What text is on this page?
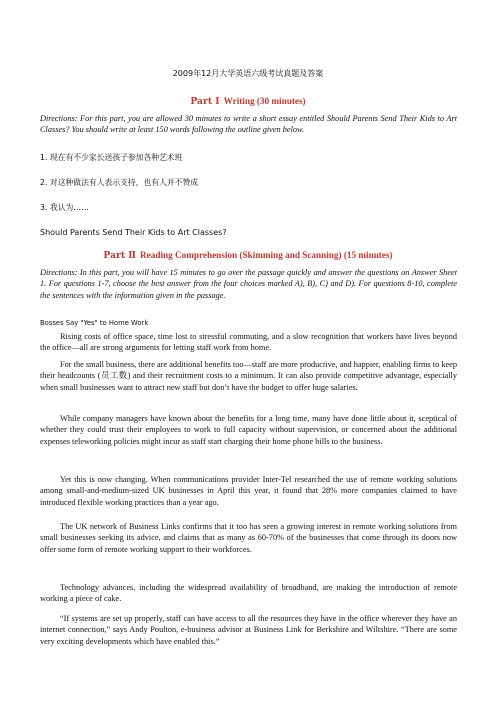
2009年12月大学英语六级考试真题及答案
Part Ⅰ Writing (30 minutes)
Directions: For this part, you are allowed 30 minutes to write a short essay entitled Should Parents Send Their Kids to Art Classes? You should write at least 150 words following the outline given below.
1. 现在有不少家长送孩子参加各种艺术班
2. 对这种做法有人表示支持，也有人并不赞成
3. 我认为……
Should Parents Send Their Kids to Art Classes?
Part Ⅱ Reading Comprehension (Skimming and Scanning) (15 minutes)
Directions: In this part, you will have 15 minutes to go over the passage quickly and answer the questions on Answer Sheet 1. For questions 1-7, choose the best answer from the four choices marked A), B), C) and D). For questions 8-10, complete the sentences with the information given in the passage.
Bosses Say "Yes" to Home Work
Rising costs of office space, time lost to stressful commuting, and a slow recognition that workers have lives beyond the office—all are strong arguments for letting staff work from home.
For the small business, there are additional benefits too—staff are more productive, and happier, enabling firms to keep their headcounts (员工数) and their recruitment costs to a minimum. It can also provide competitive advantage, especially when small businesses want to attract new staff but don’t have the budget to offer huge salaries.
While company managers have known about the benefits for a long time, many have done little about it, sceptical of whether they could trust their employees to work to full capacity without supervision, or concerned about the additional expenses teleworking policies might incur as staff start charging their home phone bills to the business.
Yet this is now changing. When communications provider Inter-Tel researched the use of remote working solutions among small-and-medium-sized UK businesses in April this year, it found that 28% more companies claimed to have introduced flexible working practices than a year ago.
The UK network of Business Links confirms that it too has seen a growing interest in remote working solutions from small businesses seeking its advice, and claims that as many as 60-70% of the businesses that come through its doors now offer some form of remote working support to their workforces.
Technology advances, including the widespread availability of broadband, are making the introduction of remote working a piece of cake.
“If systems are set up properly, staff can have access to all the resources they have in the office wherever they have an internet connection,” says Andy Poulton, e-business advisor at Business Link for Berkshire and Wiltshire. “There are some very exciting developments which have enabled this.”
